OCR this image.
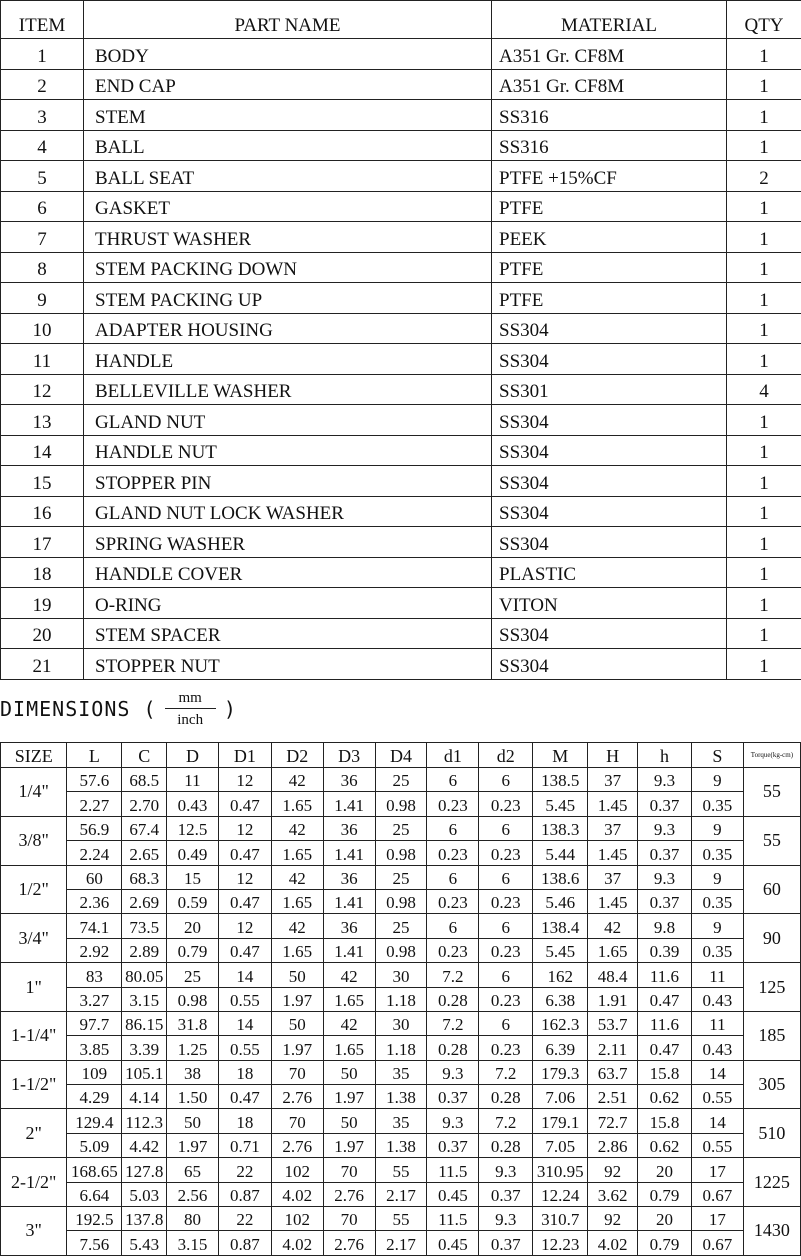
ITEM	PART NAME	MATERIAL	QTY
1	BODY	A351 Gr. CF8M	1
2	END CAP	A351 Gr. CF8M	1
3	STEM	SS316	1
4	BALL	SS316	1
5	BALL SEAT	PTFE +15%CF	2
6	GASKET	PTFE	1
7	THRUST WASHER	PEEK	1
8	STEM PACKING DOWN	PTFE	1
9	STEM PACKING UP	PTFE	1
10	ADAPTER HOUSING	SS304	1
11	HANDLE	SS304	1
12	BELLEVILLE WASHER	SS301	4
13	GLAND NUT	SS304	1
14	HANDLE NUT	SS304	1
15	STOPPER PIN	SS304	1
16	GLAND NUT LOCK WASHER	SS304	1
17	SPRING WASHER	SS304	1
18	HANDLE COVER	PLASTIC	1
19	O-RING	VITON	1
20	STEM SPACER	SS304	1
21	STOPPER NUT	SS304	1
DIMENSIONS ( $\frac{mm}{\text{inch}}$ )
SIZE	L	C	D	D1	D2	D3	D4	d1	d2	M	H	h	S	Torque(kg-cm)
1/4"	57.6	68.5	11	12	42	36	25	6	6	138.5	37	9.3	9	55
	2.27	2.70	0.43	0.47	1.65	1.41	0.98	0.23	0.23	5.45	1.45	0.37	0.35	
3/8"	56.9	67.4	12.5	12	42	36	25	6	6	138.3	37	9.3	9	55
	2.24	2.65	0.49	0.47	1.65	1.41	0.98	0.23	0.23	5.44	1.45	0.37	0.35	
1/2"	60	68.3	15	12	42	36	25	6	6	138.6	37	9.3	9	60
	2.36	2.69	0.59	0.47	1.65	1.41	0.98	0.23	0.23	5.46	1.45	0.37	0.35	
3/4"	74.1	73.5	20	12	42	36	25	6	6	138.4	42	9.8	9	90
	2.92	2.89	0.79	0.47	1.65	1.41	0.98	0.23	0.23	5.45	1.65	0.39	0.35	
1"	83	80.05	25	14	50	42	30	7.2	6	162	48.4	11.6	11	125
	3.27	3.15	0.98	0.55	1.97	1.65	1.18	0.28	0.23	6.38	1.91	0.47	0.43	
1-1/4"	97.7	86.15	31.8	14	50	42	30	7.2	6	162.3	53.7	11.6	11	185
	3.85	3.39	1.25	0.55	1.97	1.65	1.18	0.28	0.23	6.39	2.11	0.47	0.43	
1-1/2"	109	105.1	38	18	70	50	35	9.3	7.2	179.3	63.7	15.8	14	305
	4.29	4.14	1.50	0.47	2.76	1.97	1.38	0.37	0.28	7.06	2.51	0.62	0.55	
2"	129.4	112.3	50	18	70	50	35	9.3	7.2	179.1	72.7	15.8	14	510
	5.09	4.42	1.97	0.71	2.76	1.97	1.38	0.37	0.28	7.05	2.86	0.62	0.55	
2-1/2"	168.65	127.8	65	22	102	70	55	11.5	9.3	310.95	92	20	17	1225
	6.64	5.03	2.56	0.87	4.02	2.76	2.17	0.45	0.37	12.24	3.62	0.79	0.67	
3"	192.5	137.8	80	22	102	70	55	11.5	9.3	310.7	92	20	17	1430
	7.56	5.43	3.15	0.87	4.02	2.76	2.17	0.45	0.37	12.23	4.02	0.79	0.67	
